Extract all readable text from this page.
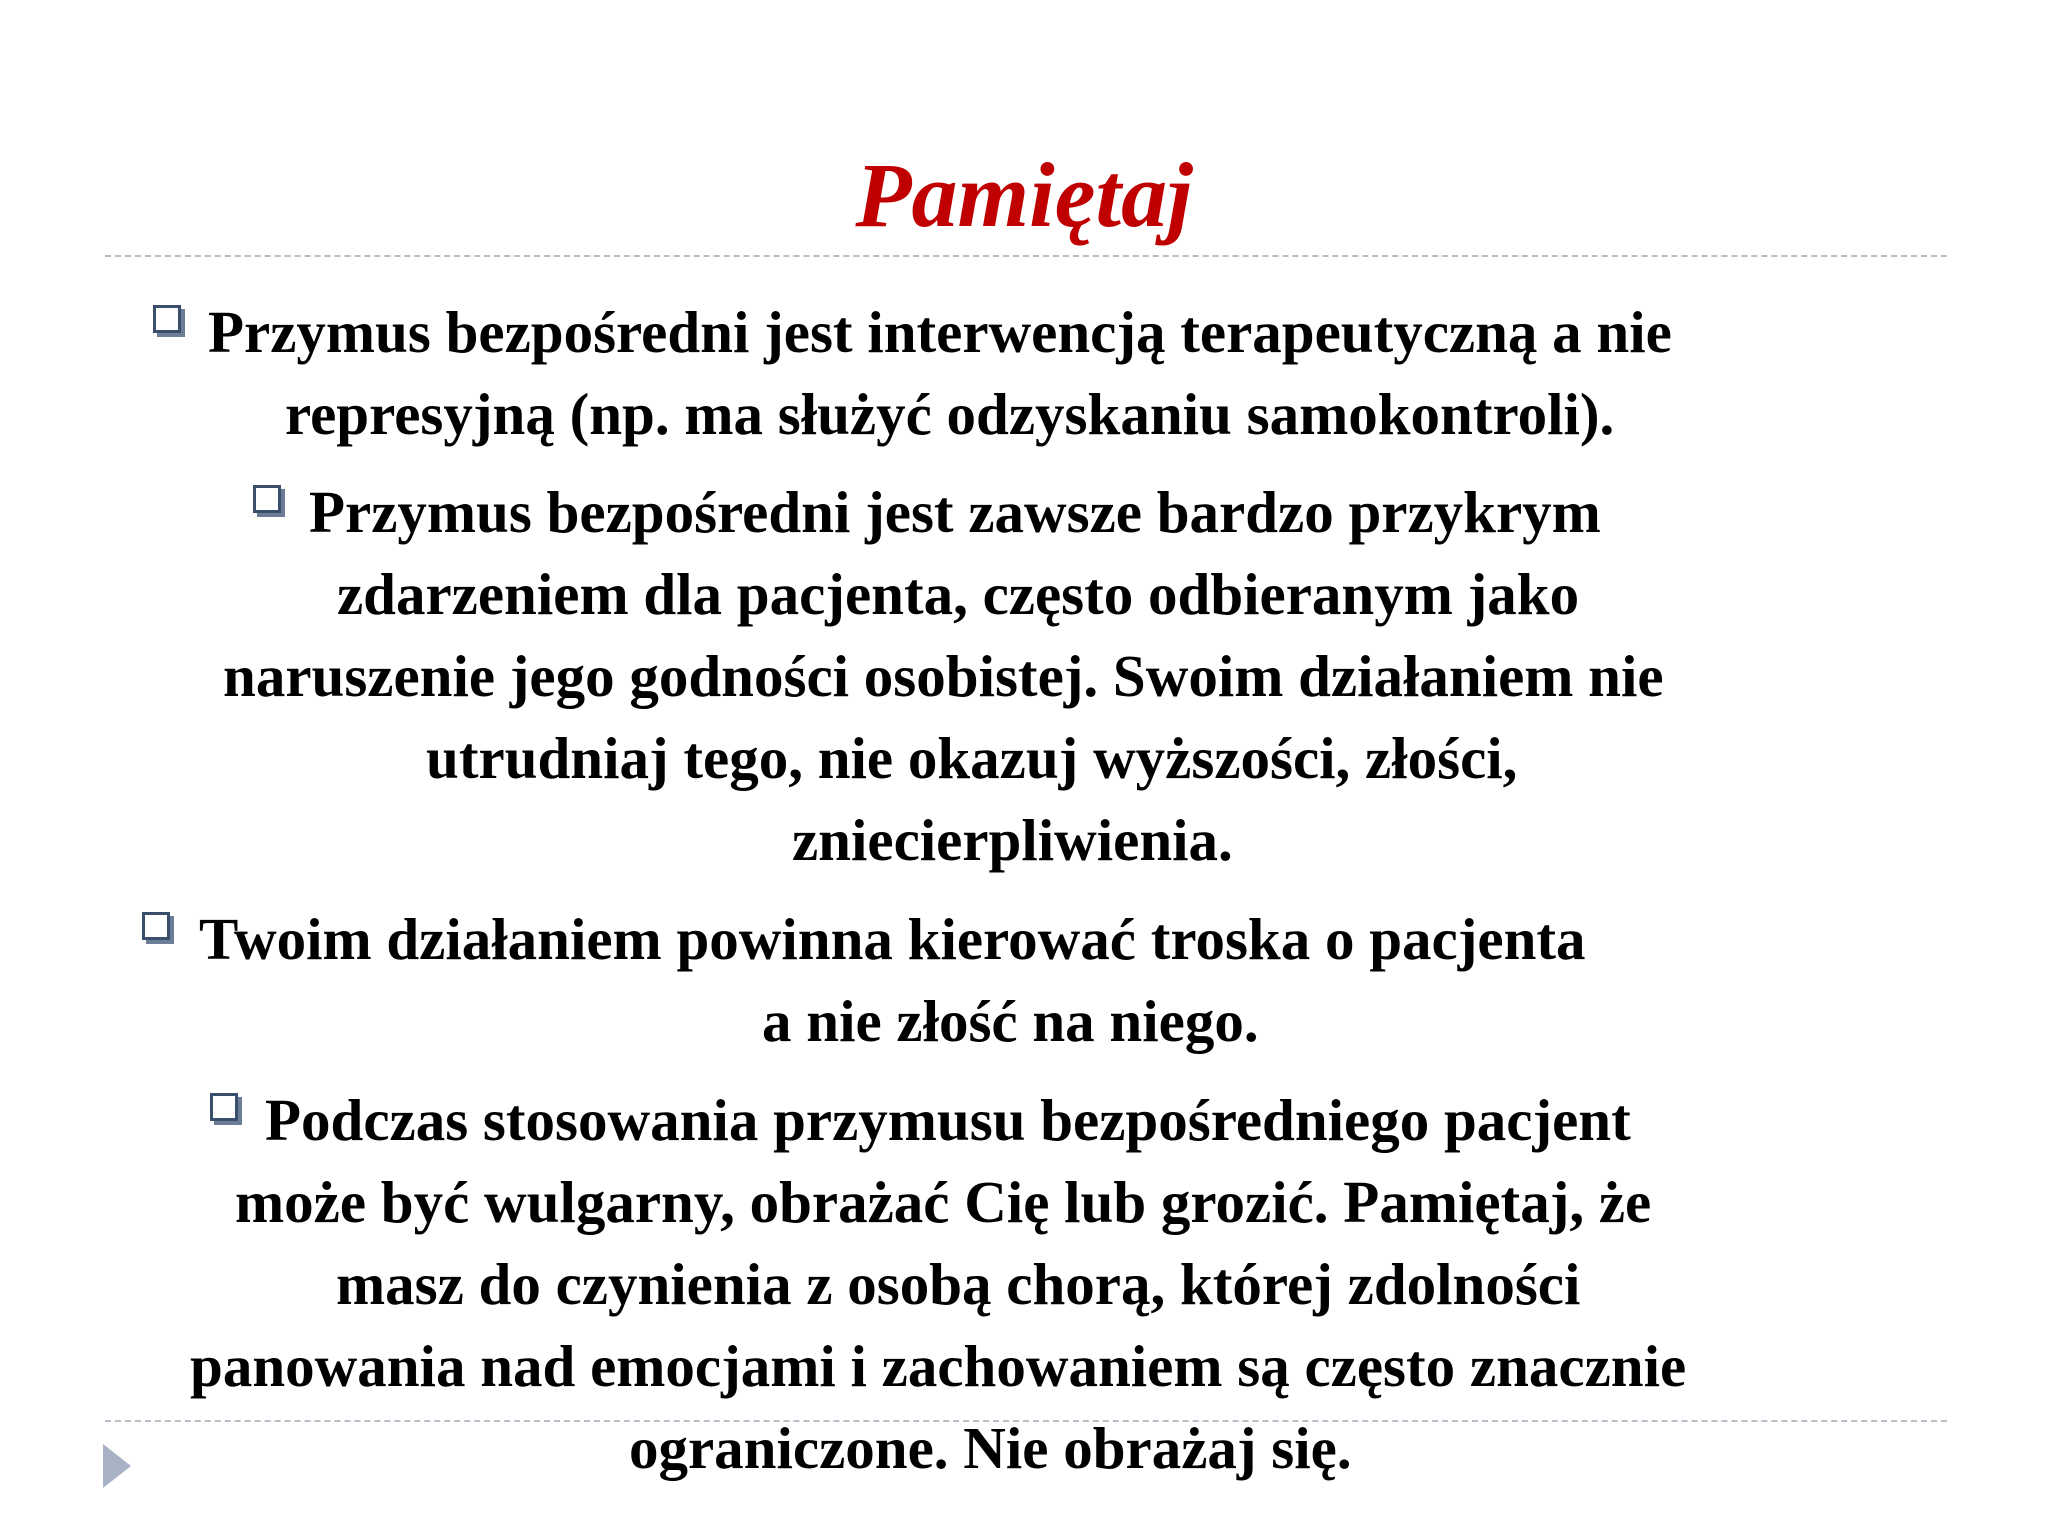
Pamiętaj
Przymus bezpośredni jest interwencją terapeutyczną a nie
represyjną (np. ma służyć odzyskaniu samokontroli).
Przymus bezpośredni jest zawsze bardzo przykrym
zdarzeniem dla pacjenta, często odbieranym jako
naruszenie jego godności osobistej. Swoim działaniem nie
utrudniaj tego, nie okazuj wyższości, złości,
zniecierpliwienia.
Twoim działaniem powinna kierować troska o pacjenta
a nie złość na niego.
Podczas stosowania przymusu bezpośredniego pacjent
może być wulgarny, obrażać Cię lub grozić. Pamiętaj, że
masz do czynienia z osobą chorą, której zdolności
panowania nad emocjami i zachowaniem są często znacznie
ograniczone. Nie obrażaj się.
